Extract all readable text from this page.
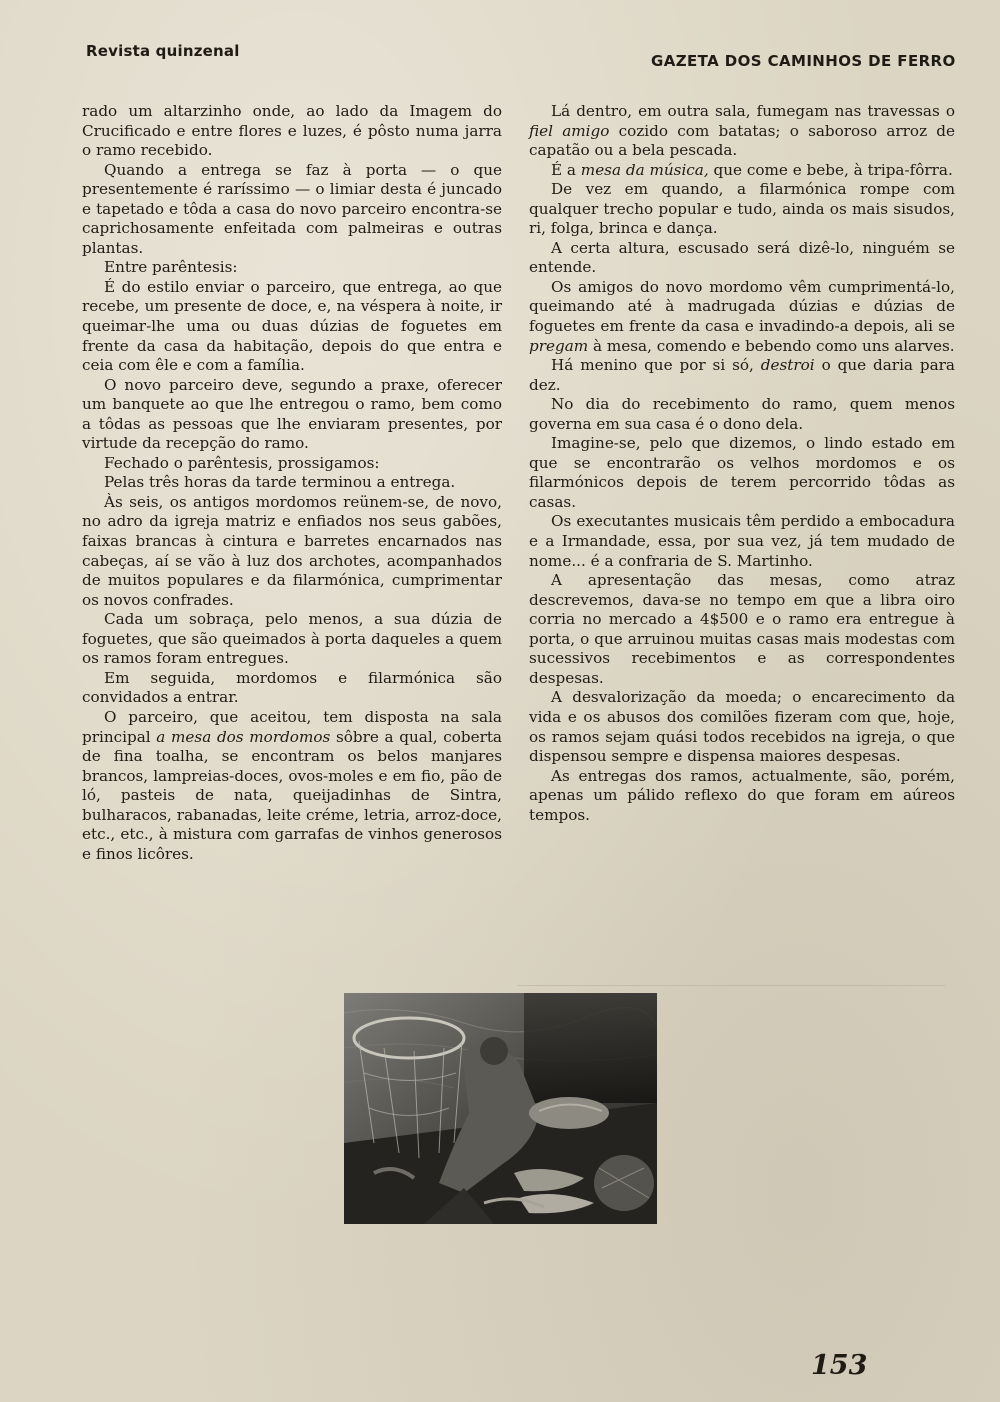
Revista quinzenal
GAZETA DOS CAMINHOS DE FERRO

rado um altarzinho onde, ao lado da Imagem do Crucificado e entre flores e luzes, é pôsto numa jarra o ramo recebido.

Quando a entrega se faz à porta — o que presentemente é raríssimo — o limiar desta é juncado e tapetado e tôda a casa do novo parceiro encontra-se caprichosamente enfeitada com palmeiras e outras plantas.

Entre parêntesis:

É do estilo enviar o parceiro, que entrega, ao que recebe, um presente de doce, e, na véspera à noite, ir queimar-lhe uma ou duas dúzias de foguetes em frente da casa da habitação, depois do que entra e ceia com êle e com a família.

O novo parceiro deve, segundo a praxe, oferecer um banquete ao que lhe entregou o ramo, bem como a tôdas as pessoas que lhe enviaram presentes, por virtude da recepção do ramo.

Fechado o parêntesis, prossigamos:

Pelas três horas da tarde terminou a entrega.

Às seis, os antigos mordomos reünem-se, de novo, no adro da igreja matriz e enfiados nos seus gabões, faixas brancas à cintura e barretes encarnados nas cabeças, aí se vão à luz dos archotes, acompanhados de muitos populares e da filarmónica, cumprimentar os novos confrades.

Cada um sobraça, pelo menos, a sua dúzia de foguetes, que são queimados à porta daqueles a quem os ramos foram entregues.

Em seguida, mordomos e filarmónica são convidados a entrar.

O parceiro, que aceitou, tem disposta na sala principal a mesa dos mordomos sôbre a qual, coberta de fina toalha, se encontram os belos manjares brancos, lampreias-doces, ovos-moles e em fio, pão de ló, pasteis de nata, queijadinhas de Sintra, bulharacos, rabanadas, leite créme, letria, arroz-doce, etc., etc., à mistura com garrafas de vinhos generosos e finos licôres.

Lá dentro, em outra sala, fumegam nas travessas o fiel amigo cozido com batatas; o saboroso arroz de capatão ou a bela pescada.

É a mesa da música, que come e bebe, à tripa-fôrra.

De vez em quando, a filarmónica rompe com qualquer trecho popular e tudo, ainda os mais sisudos, ri, folga, brinca e dança.

A certa altura, escusado será dizê-lo, ninguém se entende.

Os amigos do novo mordomo vêm cumprimentá-lo, queimando até à madrugada dúzias e dúzias de foguetes em frente da casa e invadindo-a depois, ali se pregam à mesa, comendo e bebendo como uns alarves.

Há menino que por si só, destroi o que daria para dez.

No dia do recebimento do ramo, quem menos governa em sua casa é o dono dela.

Imagine-se, pelo que dizemos, o lindo estado em que se encontrarão os velhos mordomos e os filarmónicos depois de terem percorrido tôdas as casas.

Os executantes musicais têm perdido a embocadura e a Irmandade, essa, por sua vez, já tem mudado de nome... é a confraria de S. Martinho.

A apresentação das mesas, como atraz descrevemos, dava-se no tempo em que a libra oiro corria no mercado a 4$500 e o ramo era entregue à porta, o que arruinou muitas casas mais modestas com sucessivos recebimentos e as correspondentes despesas.

A desvalorização da moeda; o encarecimento da vida e os abusos dos comilões fizeram com que, hoje, os ramos sejam quási todos recebidos na igreja, o que dispensou sempre e dispensa maiores despesas.

As entregas dos ramos, actualmente, são, porém, apenas um pálido reflexo do que foram em aúreos tempos.

153
